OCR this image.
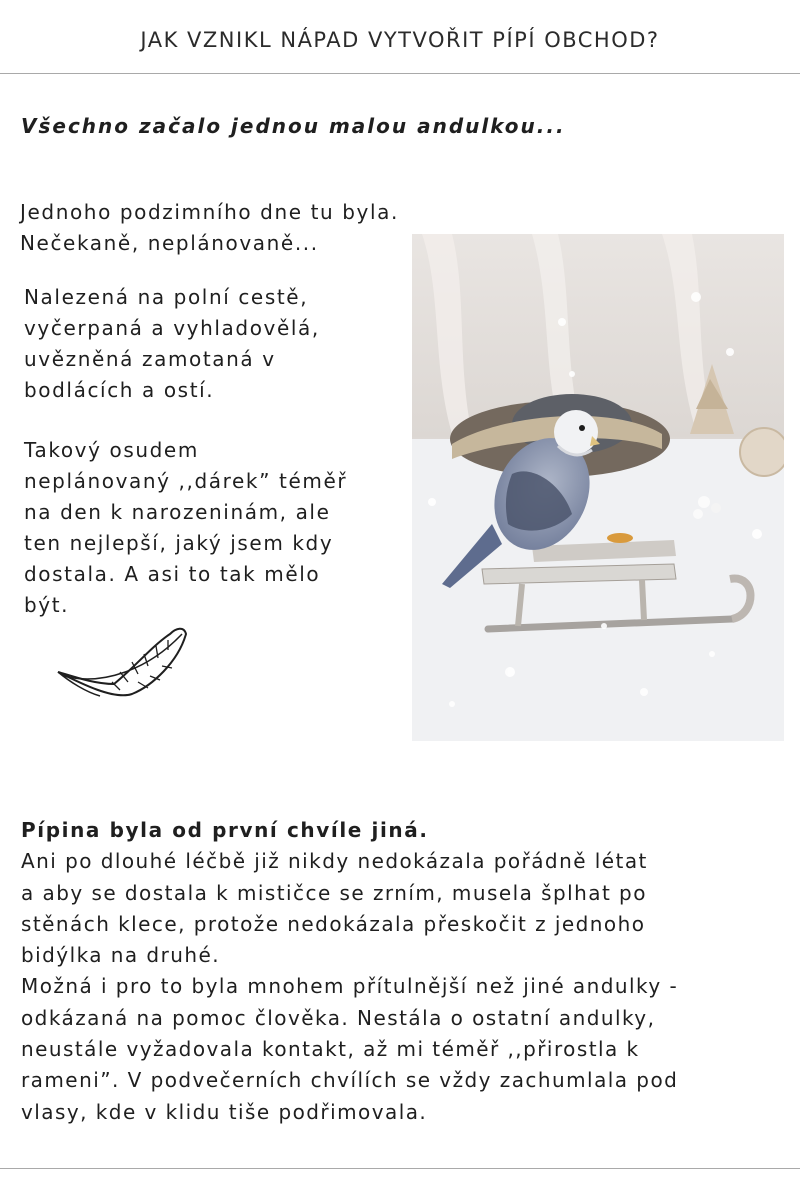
JAK VZNIKL NÁPAD VYTVOŘIT PÍPÍ OBCHOD?
Všechno začalo jednou malou andulkou...
Jednoho podzimního dne tu byla.
Nečekaně, neplánovaně...
Nalezená na polní cestě,
vyčerpaná a vyhladovělá,
uvězněná zamotaná v
bodlácích a ostí.
Takový osudem
neplánovaný ,,dárek” téměř
na den k narozeninám, ale
ten nejlepší, jaký jsem kdy
dostala. A asi to tak mělo
být.
Pípina byla od první chvíle jiná.
Ani po dlouhé léčbě již nikdy nedokázala pořádně létat
a aby se dostala k mističce se zrním, musela šplhat po
stěnách klece, protože nedokázala přeskočit z jednoho
bidýlka na druhé.
Možná i pro to byla mnohem přítulnější než jiné andulky -
odkázaná na pomoc člověka. Nestála o ostatní andulky,
neustále vyžadovala kontakt, až mi téměř ,,přirostla k
rameni”. V podvečerních chvílích se vždy zachumlala pod
vlasy, kde v klidu tiše podřimovala.
